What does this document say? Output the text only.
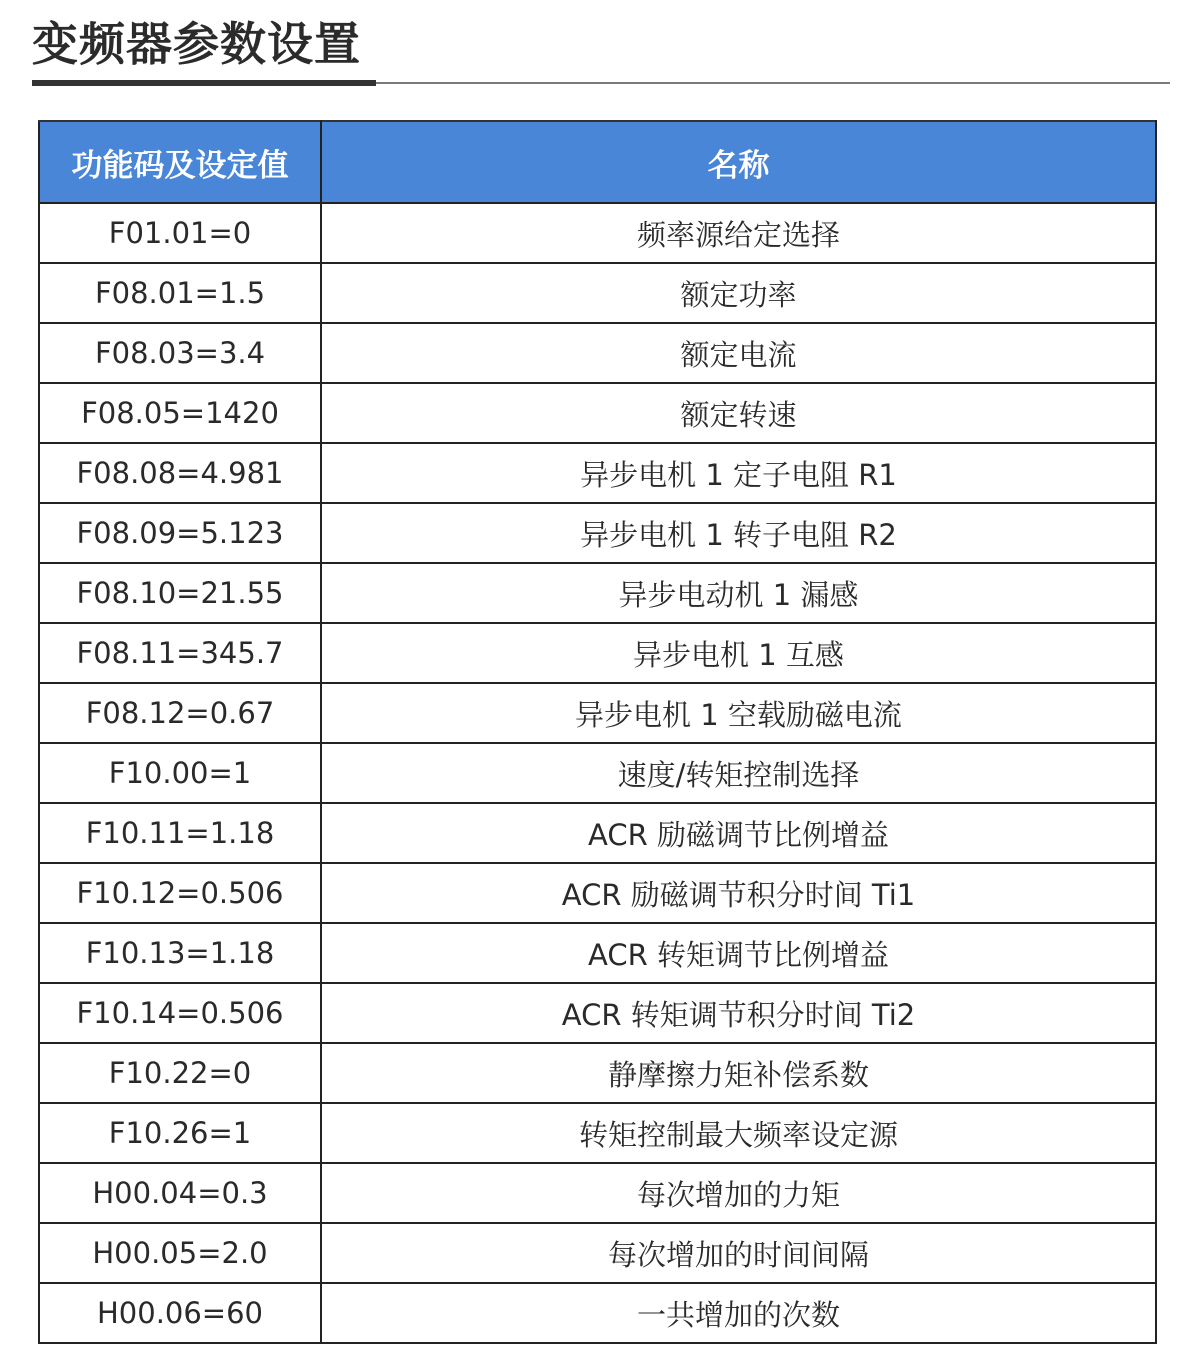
变频器参数设置
功能码及设定值	名称
F01.01=0	频率源给定选择
F08.01=1.5	额定功率
F08.03=3.4	额定电流
F08.05=1420	额定转速
F08.08=4.981	异步电机 1 定子电阻 R1
F08.09=5.123	异步电机 1 转子电阻 R2
F08.10=21.55	异步电动机 1 漏感
F08.11=345.7	异步电机 1 互感
F08.12=0.67	异步电机 1 空载励磁电流
F10.00=1	速度/转矩控制选择
F10.11=1.18	ACR 励磁调节比例增益
F10.12=0.506	ACR 励磁调节积分时间 Ti1
F10.13=1.18	ACR 转矩调节比例增益
F10.14=0.506	ACR 转矩调节积分时间 Ti2
F10.22=0	静摩擦力矩补偿系数
F10.26=1	转矩控制最大频率设定源
H00.04=0.3	每次增加的力矩
H00.05=2.0	每次增加的时间间隔
H00.06=60	一共增加的次数
